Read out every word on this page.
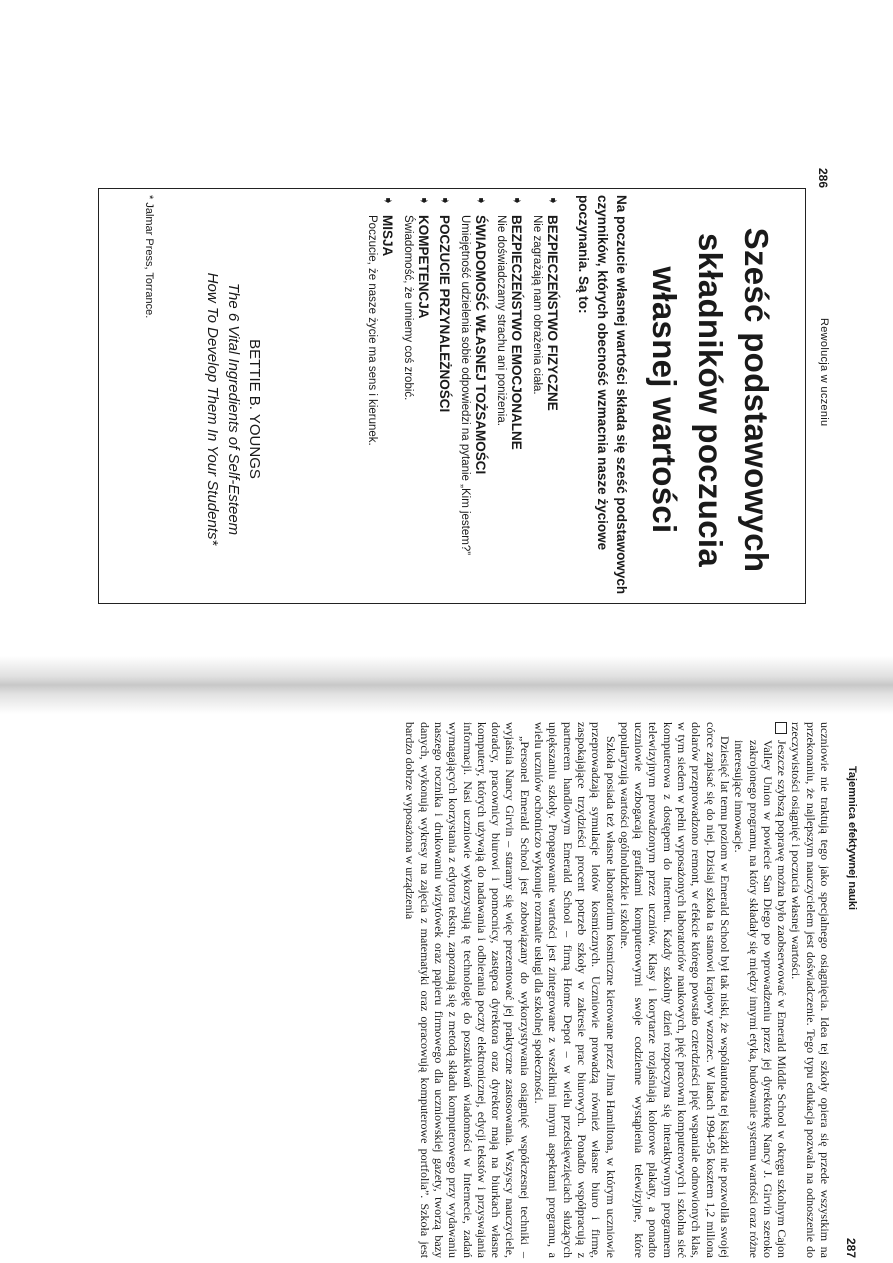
286
Rewolucja w uczeniu
Sześć podstawowych
składników poczucia
własnej wartości
Na poczucie własnej wartości składa się sześć podstawowych czynników, których obecność wzmacnia nasze życiowe poczynania. Są to:
➧
BEZPIECZEŃSTWO FIZYCZNE
Nie zagrażają nam obrażenia ciała.
➧
BEZPIECZEŃSTWO EMOCJONALNE
Nie doświadczamy strachu ani poniżenia.
➧
ŚWIADOMOŚĆ WŁASNEJ TOŻSAMOŚCI
Umiejętność udzielenia sobie odpowiedzi na pytanie „Kim jestem?”
➧
POCZUCIE PRZYNALEŻNOŚCI
➧
KOMPETENCJA
Świadomość, że umiemy coś zrobić.
➧
MISJA
Poczucie, że nasze życie ma sens i kierunek.
BETTIE B. YOUNGS
The 6 Vital Ingredients of Self-Esteem
How To Develop Them In Your Students*
* Jalmar Press, Torrance.
Tajemnica efektywnej nauki
287

uczniowie nie traktują tego jako specjalnego osiągnięcia. Idea tej szkoły opiera się przede wszystkim na przekonaniu, że najlepszym nauczycielem jest doświadczenie. Tego typu edukacja pozwala na odnoszenie do rzeczywistości osiągnięć i poczucia własnej wartości.

Jeszcze szybszą poprawę można było zaobserwować w Emerald Middle School w okręgu szkolnym Cajon Valley Union w powiecie San Diego po wprowadzeniu przez jej dyrektorkę Nancy J. Girvin szeroko zakrojonego programu, na który składały się między innymi etyka, budowanie systemu wartości oraz różne interesujące innowacje.

Dziesięć lat temu poziom w Emerald School był tak niski, że wspólautorka tej książki nie pozwoliła swojej córce zapisać się do niej. Dzisiaj szkoła ta stanowi krajowy wzorzec. W latach 1994-95 kosztem 1,2 miliona dolarów przeprowadzono remont, w efekcie którego powstało czterdzieści pięć wspaniale odnowionych klas, w tym siedem w pełni wyposażonych laboratoriów naukowych, pięć pracowni komputerowych i szkolna sieć komputerowa z dostępem do Internetu. Każdy szkolny dzień rozpoczyna się interaktywnym programem telewizyjnym prowadzonym przez uczniów. Klasy i korytarze rozjaśniają kolorowe plakaty, a ponadto uczniowie wzbogacają grafikami komputerowymi swoje codzienne wystąpienia telewizyjne, które popularyzują wartości ogólnoludzkie i szkolne.

Szkoła posiada też własne laboratorium kosmiczne kierowane przez Jima Hamiltona, w którym uczniowie przeprowadzają symulacje lotów kosmicznych. Uczniowie prowadzą również własne biuro i firmę, zaspokajające trzydzieści procent potrzeb szkoły w zakresie prac biurowych. Ponadto współpracują z partnerem handlowym Emerald School – firmą Home Depot – w wielu przedsięwzięciach służących upiększaniu szkoły. Propagowanie wartości jest zintegrowane z wszelkimi innymi aspektami programu, a wielu uczniów ochotniczo wykonuje rozmaite usługi dla szkolnej społeczności.

„Personel Emerald School jest zobowiązany do wykorzystywania osiągnięć współczesnej techniki – wyjaśnia Nancy Girvin – staramy się więc prezentować jej praktyczne zastosowania. Wszyscy nauczyciele, doradcy, pracownicy biurowi i pomocnicy, zastępca dyrektora oraz dyrektor mają na biurkach własne komputery, których używają do nadawania i odbierania poczty elektronicznej, edycji tekstów i przyswajania informacji. Nasi uczniowie wykorzystują tę technologię do poszukiwań wiadomości w Internecie, zadań wymagających korzystania z edytora tekstu, zapoznają się z metodą składu komputerowego przy wydawaniu naszego rocznika i drukowaniu wizytówek oraz papieru firmowego dla uczniowskiej gazety, tworzą bazy danych, wykonują wykresy na zajęcia z matematyki oraz opracowują komputerowe portfolia”. Szkoła jest bardzo dobrze wyposażona w urządzenia
